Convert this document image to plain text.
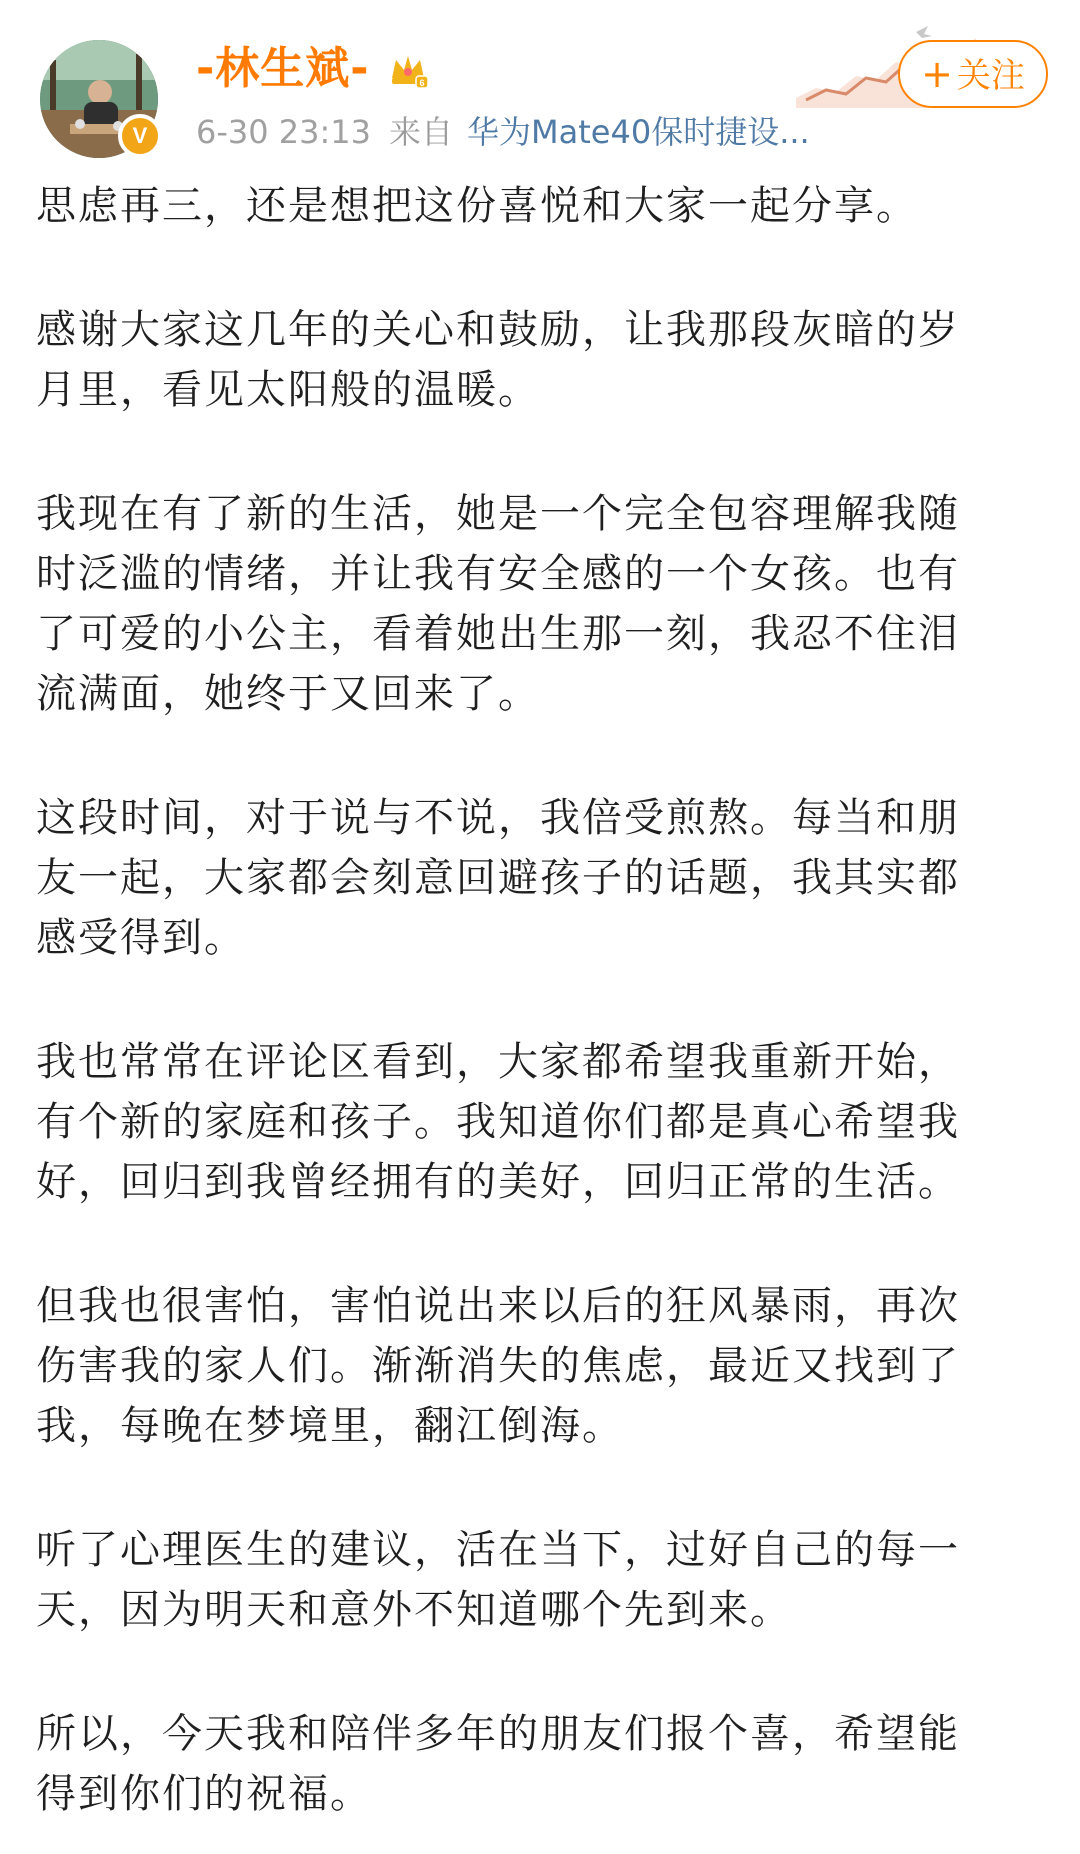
V
-林生斌-	6
6-30 23:13 来自 华为Mate40保时捷设...
+ 关注

思虑再三，还是想把这份喜悦和大家一起分享。

感谢大家这几年的关心和鼓励，让我那段灰暗的岁
月里，看见太阳般的温暖。

我现在有了新的生活，她是一个完全包容理解我随
时泛滥的情绪，并让我有安全感的一个女孩。也有
了可爱的小公主，看着她出生那一刻，我忍不住泪
流满面，她终于又回来了。

这段时间，对于说与不说，我倍受煎熬。每当和朋
友一起，大家都会刻意回避孩子的话题，我其实都
感受得到。

我也常常在评论区看到，大家都希望我重新开始，
有个新的家庭和孩子。我知道你们都是真心希望我
好，回归到我曾经拥有的美好，回归正常的生活。

但我也很害怕，害怕说出来以后的狂风暴雨，再次
伤害我的家人们。渐渐消失的焦虑，最近又找到了
我，每晚在梦境里，翻江倒海。

听了心理医生的建议，活在当下，过好自己的每一
天，因为明天和意外不知道哪个先到来。

所以，今天我和陪伴多年的朋友们报个喜，希望能
得到你们的祝福。
